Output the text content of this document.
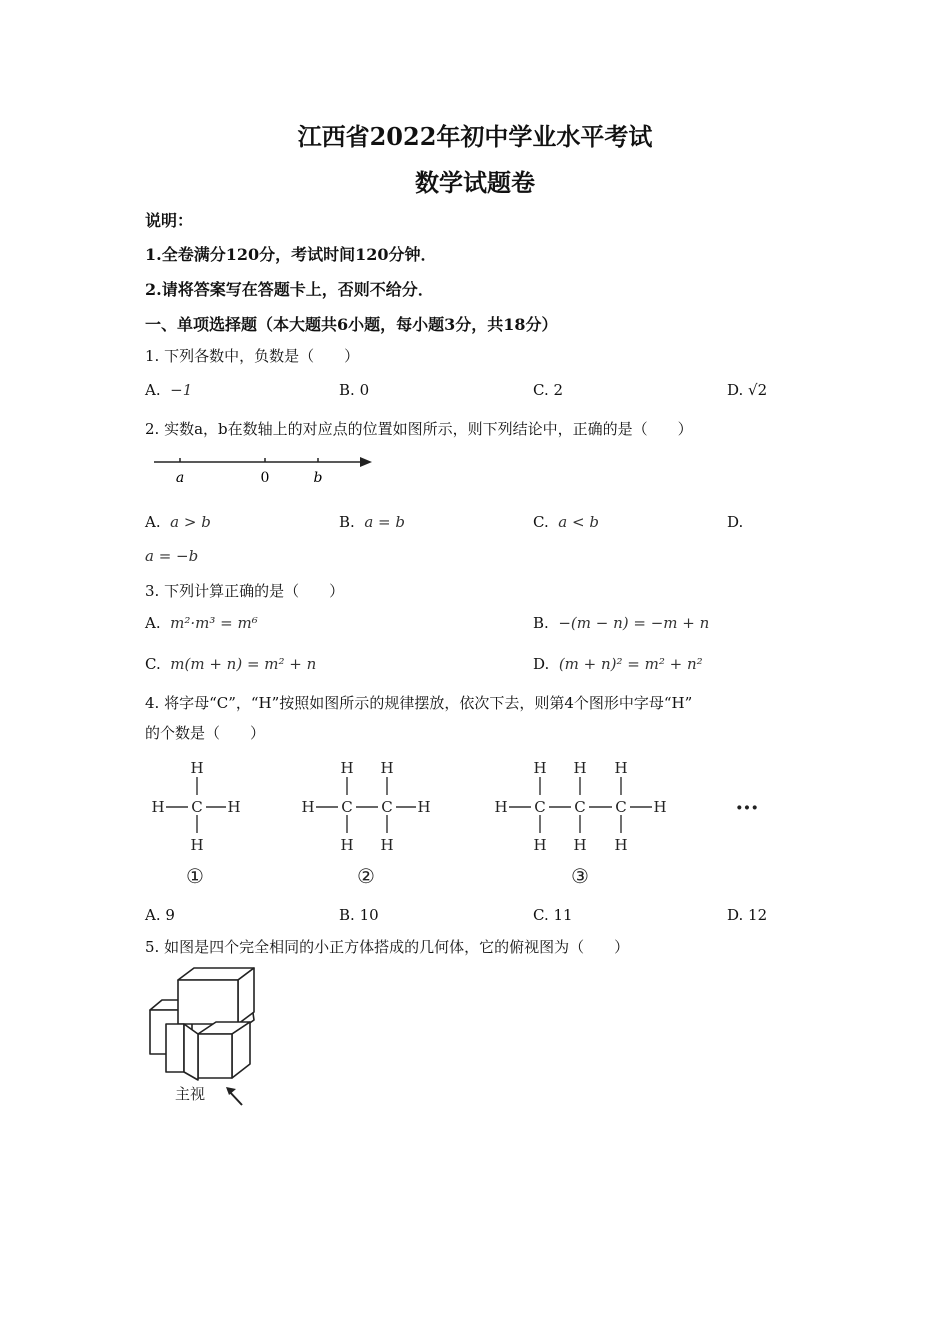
江西省2022年初中学业水平考试
数学试题卷
说明：
1.全卷满分120分，考试时间120分钟．
2.请将答案写在答题卡上，否则不给分．
一、单项选择题（本大题共6小题，每小题3分，共18分）
1. 下列各数中，负数是（　　）
A. −1	B. 0	C. 2	D. √2
2. 实数a，b在数轴上的对应点的位置如图所示，则下列结论中，正确的是（　　）
a	0	b
A. a > b	B. a = b	C. a < b	D.
a = −b
3. 下列计算正确的是（　　）
A. m²·m³ = m⁶	B. −(m − n) = −m + n
C. m(m + n) = m² + n	D. (m + n)² = m² + n²
4. 将字母“C”，“H”按照如图所示的规律摆放，依次下去，则第4个图形中字母“H”
的个数是（　　）
H
H C H
H
H H
H C C H
H H
H H H
H C C C H
H H H
①	②	③
···
A. 9	B. 10	C. 11	D. 12
5. 如图是四个完全相同的小正方体搭成的几何体，它的俯视图为（　　）
主视
